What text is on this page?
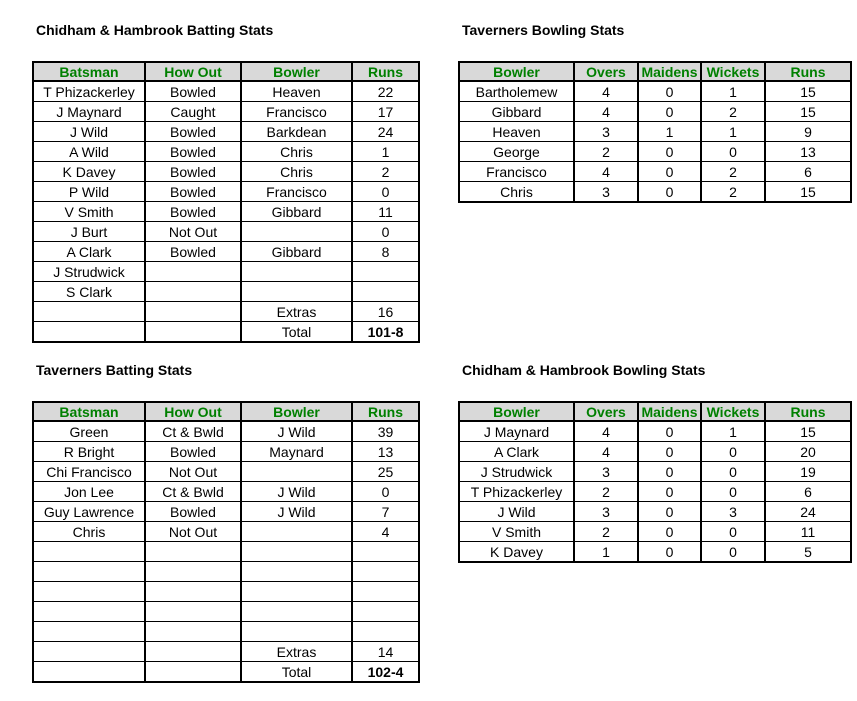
Chidham & Hambrook Batting Stats
Batsman	How Out	Bowler	Runs
T Phizackerley	Bowled	Heaven	22
J Maynard	Caught	Francisco	17
J Wild	Bowled	Barkdean	24
A Wild	Bowled	Chris	1
K Davey	Bowled	Chris	2
P Wild	Bowled	Francisco	0
V Smith	Bowled	Gibbard	11
J Burt	Not Out		0
A Clark	Bowled	Gibbard	8
J Strudwick			
S Clark			
		Extras	16
		Total	101-8
Taverners Bowling Stats
Bowler	Overs	Maidens	Wickets	Runs
Bartholemew	4	0	1	15
Gibbard	4	0	2	15
Heaven	3	1	1	9
George	2	0	0	13
Francisco	4	0	2	6
Chris	3	0	2	15
Taverners Batting Stats
Batsman	How Out	Bowler	Runs
Green	Ct & Bwld	J Wild	39
R Bright	Bowled	Maynard	13
Chi Francisco	Not Out		25
Jon Lee	Ct & Bwld	J Wild	0
Guy Lawrence	Bowled	J Wild	7
Chris	Not Out		4

		Extras	14
		Total	102-4
Chidham & Hambrook Bowling Stats
Bowler	Overs	Maidens	Wickets	Runs
J Maynard	4	0	1	15
A Clark	4	0	0	20
J Strudwick	3	0	0	19
T Phizackerley	2	0	0	6
J Wild	3	0	3	24
V Smith	2	0	0	11
K Davey	1	0	0	5
